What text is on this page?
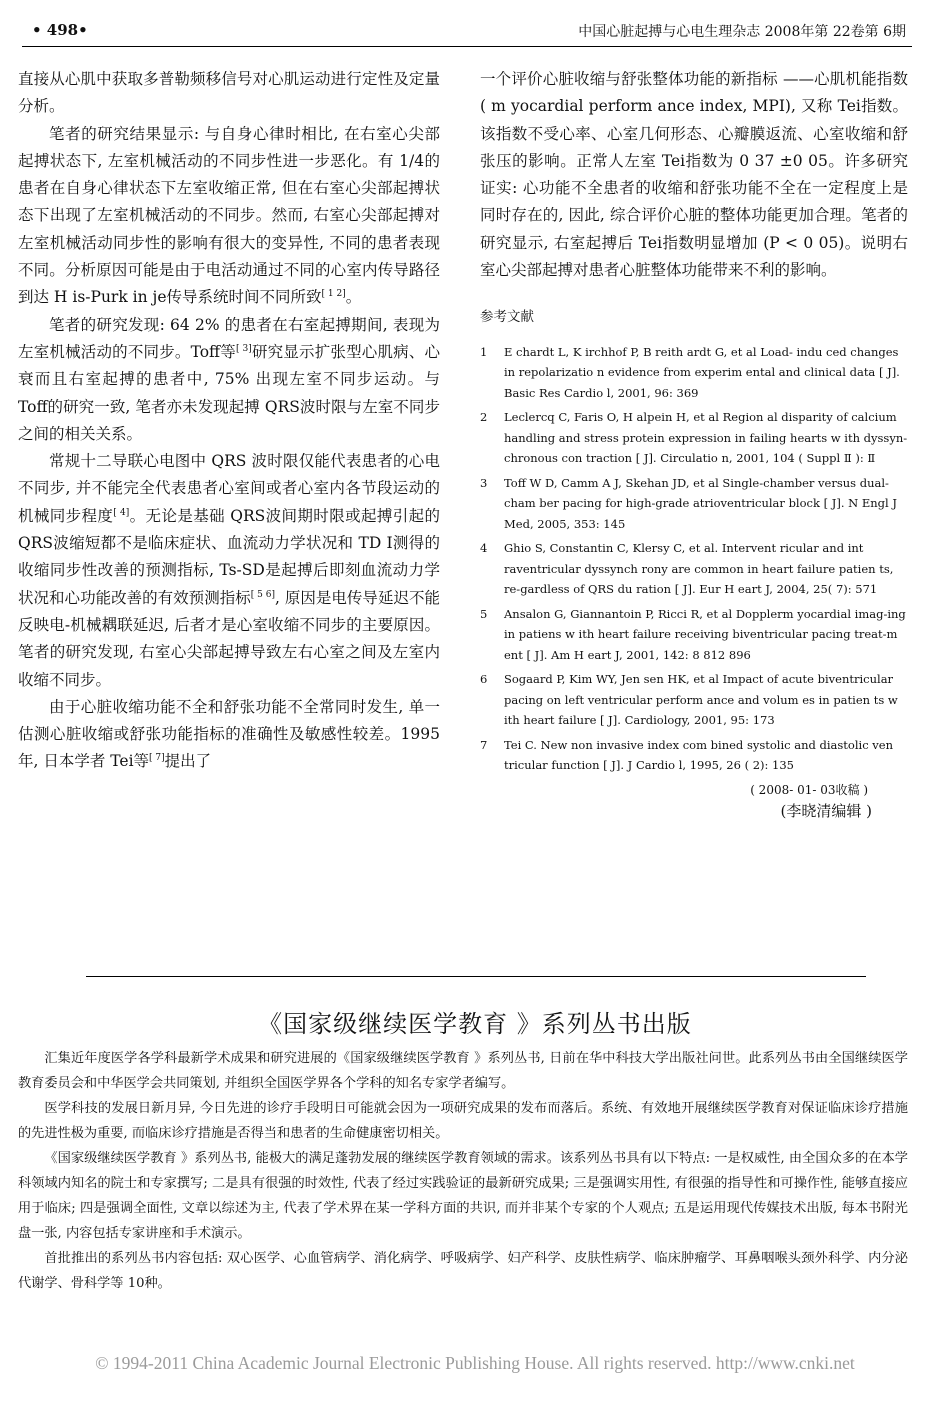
• 498•	中国心脏起搏与心电生理杂志 2008年第 22卷第 6期

直接从心肌中获取多普勒频移信号对心肌运动进行定性及定量分析。

笔者的研究结果显示: 与自身心律时相比, 在右室心尖部起搏状态下, 左室机械活动的不同步性进一步恶化。有 1/4的患者在自身心律状态下左室收缩正常, 但在右室心尖部起搏状态下出现了左室机械活动的不同步。然而, 右室心尖部起搏对左室机械活动同步性的影响有很大的变异性, 不同的患者表现不同。分析原因可能是由于电活动通过不同的心室内传导路径到达 H is-Purk in je传导系统时间不同所致[ 1 2]。

笔者的研究发现: 64 2% 的患者在右室起搏期间, 表现为左室机械活动的不同步。Toff等[ 3]研究显示扩张型心肌病、心衰而且右室起搏的患者中, 75% 出现左室不同步运动。与 Toff的研究一致, 笔者亦未发现起搏 QRS波时限与左室不同步之间的相关关系。

常规十二导联心电图中 QRS 波时限仅能代表患者的心电不同步, 并不能完全代表患者心室间或者心室内各节段运动的机械同步程度[ 4]。无论是基础 QRS波间期时限或起搏引起的 QRS波缩短都不是临床症状、血流动力学状况和 TD I测得的收缩同步性改善的预测指标, Ts-SD是起搏后即刻血流动力学状况和心功能改善的有效预测指标[ 5 6], 原因是电传导延迟不能反映电-机械耦联延迟, 后者才是心室收缩不同步的主要原因。笔者的研究发现, 右室心尖部起搏导致左右心室之间及左室内收缩不同步。

由于心脏收缩功能不全和舒张功能不全常同时发生, 单一估测心脏收缩或舒张功能指标的准确性及敏感性较差。1995 年, 日本学者 Tei等[ 7]提出了

一个评价心脏收缩与舒张整体功能的新指标 ——心肌机能指数 ( m yocardial perform ance index, MPI), 又称 Tei指数。该指数不受心率、心室几何形态、心瓣膜返流、心室收缩和舒张压的影响。正常人左室 Tei指数为 0 37 ±0 05。许多研究证实: 心功能不全患者的收缩和舒张功能不全在一定程度上是同时存在的, 因此, 综合评价心脏的整体功能更加合理。笔者的研究显示, 右室起搏后 Tei指数明显增加 (P < 0 05)。说明右室心尖部起搏对患者心脏整体功能带来不利的影响。

参考文献

1 E chardt L, K irchhof P, B reith ardt G, et al Load- indu ced changes in repolarizatio n evidence from experim ental and clinical data [ J]. Basic Res Cardio l, 2001, 96: 369
2 Leclercq C, Faris O, H alpein H, et al Region al disparity of calcium handling and stress protein expression in failing hearts w ith dyssyn-chronous con traction [ J]. Circulatio n, 2001, 104 ( Suppl Ⅱ ): Ⅱ
3 Toff W D, Camm A J, Skehan JD, et al Single-chamber versus dual-cham ber pacing for high-grade atrioventricular block [ J]. N Engl J Med, 2005, 353: 145
4 Ghio S, Constantin C, Klersy C, et al. Intervent ricular and int raventricular dyssynch rony are common in heart failure patien ts, re-gardless of QRS du ration [ J]. Eur H eart J, 2004, 25( 7): 571
5 Ansalon G, Giannantoin P, Ricci R, et al Dopplerm yocardial imag-ing in patiens w ith heart failure receiving biventricular pacing treat-m ent [ J]. Am H eart J, 2001, 142: 8 812 896
6 Sogaard P, Kim WY, Jen sen HK, et al Impact of acute biventricular pacing on left ventricular perform ance and volum es in patien ts w ith heart failure [ J]. Cardiology, 2001, 95: 173
7 Tei C. New non invasive index com bined systolic and diastolic ven tricular function [ J]. J Cardio l, 1995, 26 ( 2): 135
( 2008- 01- 03收稿 )
(李晓清编辑 )
《国家级继续医学教育 》系列丛书出版

汇集近年度医学各学科最新学术成果和研究进展的《国家级继续医学教育 》系列丛书, 日前在华中科技大学出版社问世。此系列丛书由全国继续医学教育委员会和中华医学会共同策划, 并组织全国医学界各个学科的知名专家学者编写。

医学科技的发展日新月异, 今日先进的诊疗手段明日可能就会因为一项研究成果的发布而落后。系统、有效地开展继续医学教育对保证临床诊疗措施的先进性极为重要, 而临床诊疗措施是否得当和患者的生命健康密切相关。

《国家级继续医学教育 》系列丛书, 能极大的满足蓬勃发展的继续医学教育领域的需求。该系列丛书具有以下特点: 一是权威性, 由全国众多的在本学科领域内知名的院士和专家撰写; 二是具有很强的时效性, 代表了经过实践验证的最新研究成果; 三是强调实用性, 有很强的指导性和可操作性, 能够直接应用于临床; 四是强调全面性, 文章以综述为主, 代表了学术界在某一学科方面的共识, 而并非某个专家的个人观点; 五是运用现代传媒技术出版, 每本书附光盘一张, 内容包括专家讲座和手术演示。

首批推出的系列丛书内容包括: 双心医学、心血管病学、消化病学、呼吸病学、妇产科学、皮肤性病学、临床肿瘤学、耳鼻咽喉头颈外科学、内分泌代谢学、骨科学等 10种。

© 1994-2011 China Academic Journal Electronic Publishing House. All rights reserved. http://www.cnki.net
